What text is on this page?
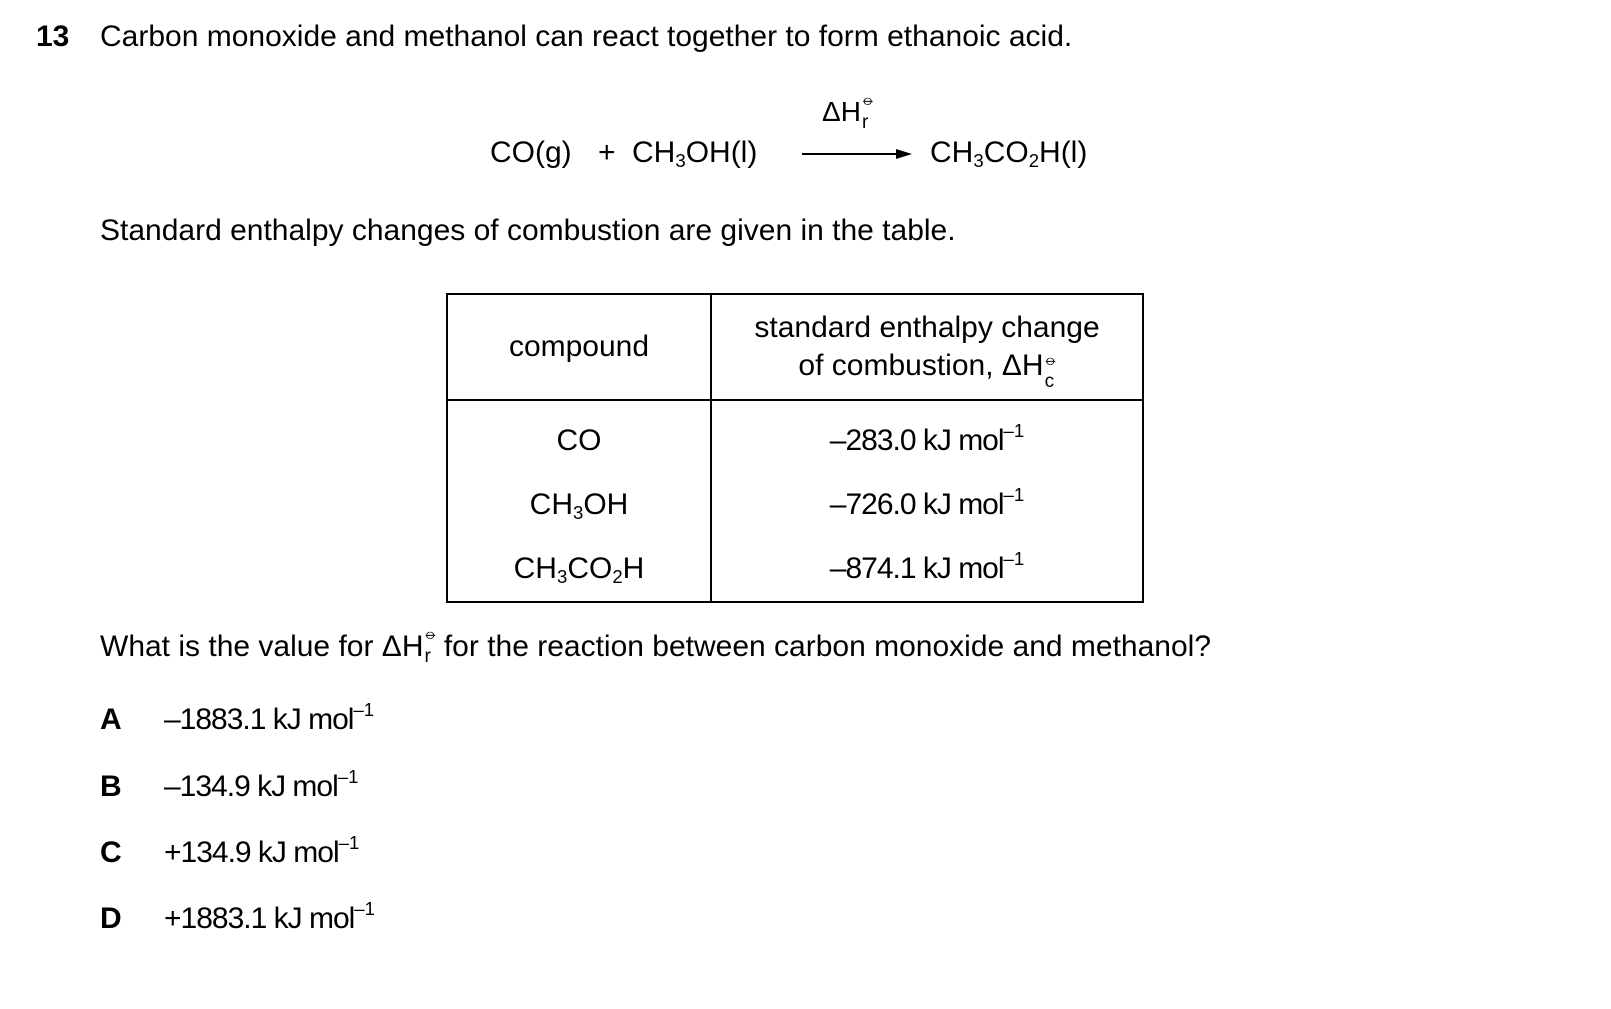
13 Carbon monoxide and methanol can react together to form ethanoic acid.
$CO(g) + CH_3OH(l)$
ΔH ⦵
r
$CH_3CO_2H(l)$
Standard enthalpy changes of combustion are given in the table.
compound	standard enthalpy change
of combustion, ΔH ⦵
c

CO	–283.0 kJ mol$^{-1}$
$CH_3OH$	–726.0 kJ mol$^{-1}$
$CH_3CO_2H$	–874.1 kJ mol$^{-1}$
What is the value for ΔH ⦵
r for the reaction between carbon monoxide and methanol?
A –1883.1 kJ mol$^{-1}$
B –134.9 kJ mol$^{-1}$
C +134.9 kJ mol$^{-1}$
D +1883.1 kJ mol$^{-1}$
